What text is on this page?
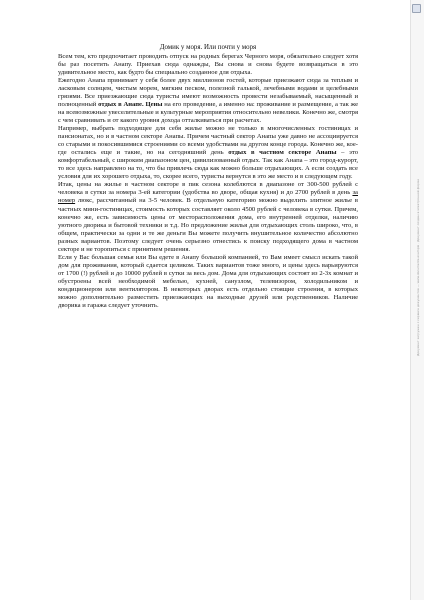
Домик у моря. Или почти у моря

Всем тем, кто предпочитает проводить отпуск на родных берегах Черного моря, обязательно следует хотя бы раз посетить Анапу. Приехав сюда однажды, Вы снова и снова будете возвращаться в это удивительное место, как будто бы специально созданное для отдыха.

Ежегодно Анапа принимает у себя более двух миллионов гостей, которые приезжают сюда за теплым и ласковым солнцем, чистым морем, мягким песком, полезной галькой, лечебными водами и целебными грязями. Все приезжающие сюда туристы имеют возможность провести незабываемый, насыщенный и полноценный отдых в Анапе. Цены на его проведение, а именно на: проживание и размещение, а так же на всевозможные увеселительные и культурные мероприятия относительно невелики. Конечно же, смотря с чем сравнивать и от какого уровня дохода отталкиваться при расчетах.

Например, выбрать подходящее для себя жилье можно не только в многочисленных гостиницах и пансионатах, но и в частном секторе Анапы. Причем частный сектор Анапы уже давно не ассоциируется со старыми и покосившимися строениями со всеми удобствами на другом конце города. Конечно же, кое-где остались еще и такие, но на сегодняшний день отдых в частном секторе Анапы – это комфортабельный, с широким диапазоном цен, цивилизованный отдых. Так как Анапа – это город-курорт, то все здесь направлено на то, что бы привлечь сюда как можно больше отдыхающих. А если создать все условия для их хорошего отдыха, то, скорее всего, туристы вернутся в это же место и в следующем году.

Итак, цены на жилье в частном секторе в пик сезона колеблются в диапазоне от 300-500 рублей с человека в сутки за номера 3-ей категории (удобства во дворе, общая кухня) и до 2700 рублей в день за номер люкс, рассчитанный на 3-5 человек. В отдельную категорию можно выделить элитное жилье в частных мини-гостиницах, стоимость которых составляет около 4500 рублей с человека в сутки. Причем, конечно же, есть зависимость цены от месторасположения дома, его внутренней отделки, наличию уютного дворика и бытовой техники и т.д. Но предложение жилья для отдыхающих столь широко, что, в общем, практически за одни и те же деньги Вы можете получить внушительное количество абсолютно разных вариантов. Поэтому следует очень серьезно отнестись к поиску подходящего дома в частном секторе и не торопиться с принятием решения.

Если у Вас большая семья или Вы едете в Анапу большой компанией, то Вам имеет смысл искать такой дом для проживания, который сдается целиком. Таких вариантов тоже много, и цены здесь варьируются от 1700 (!) рублей и до 10000 рублей в сутки за весь дом. Дома для отдыхающих состоят из 2-3х комнат и обустроены всей необходимой мебелью, кухней, санузлом, телевизором, холодильником и кондиционером или вентилятором. В некоторых дворах есть отдельно стоящие строения, в которых можно дополнительно разместить приезжающих на выходные друзей или родственников. Наличие дворика и гаража следует уточнить.	Документ загружен с сервиса документов — www.documents.example · Документ создан в электронной форме
